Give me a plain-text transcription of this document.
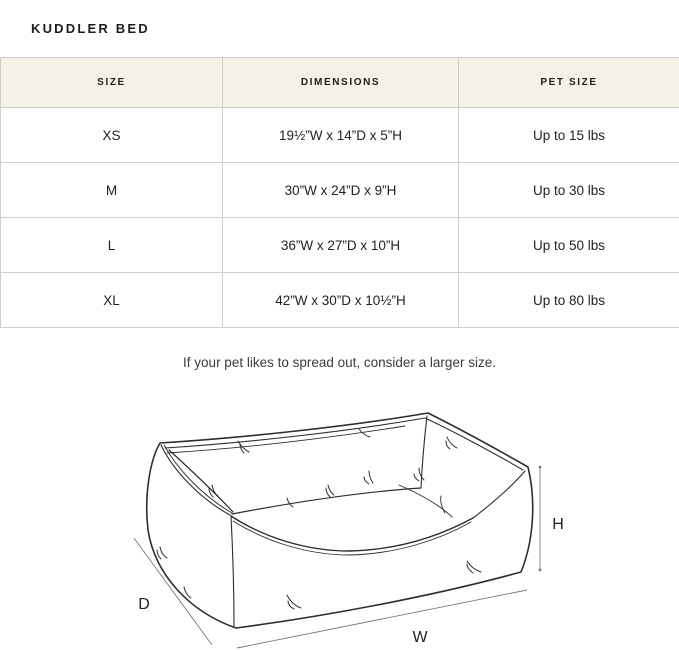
KUDDLER BED
SIZE	DIMENSIONS	PET SIZE
XS	19½”W x 14”D x 5”H	Up to 15 lbs
M	30”W x 24”D x 9”H	Up to 30 lbs
L	36”W x 27”D x 10”H	Up to 50 lbs
XL	42”W x 30”D x 10½”H	Up to 80 lbs

If your pet likes to spread out, consider a larger size.

D
W
H
